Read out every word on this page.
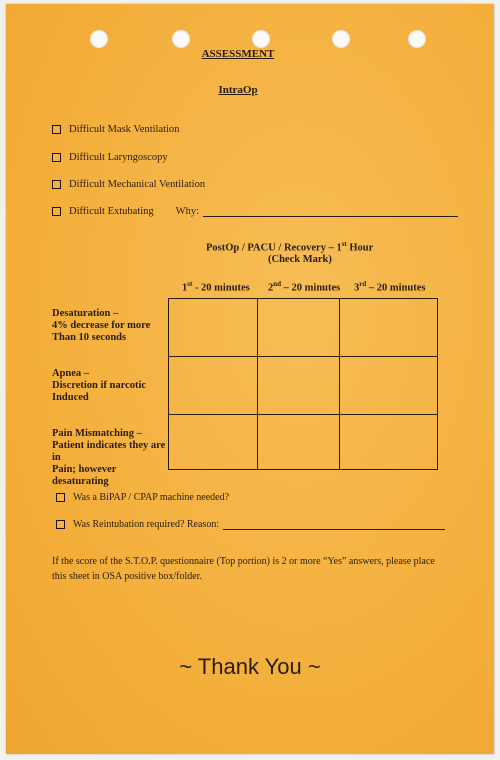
ASSESSMENT
IntraOp
Difficult Mask Ventilation
Difficult Laryngoscopy
Difficult Mechanical Ventilation
Difficult Extubating Why:
PostOp / PACU / Recovery – 1st Hour
(Check Mark)
1st - 20 minutes 2nd – 20 minutes 3rd – 20 minutes
Desaturation –
4% decrease for more
Than 10 seconds
Apnea –
Discretion if narcotic
Induced
Pain Mismatching –
Patient indicates they are in
Pain; however desaturating
Was a BiPAP / CPAP machine needed?
Was Reintubation required? Reason:
If the score of the S.T.O.P. questionnaire (Top portion) is 2 or more “Yes” answers, please place this sheet in OSA positive box/folder.
~ Thank You ~
